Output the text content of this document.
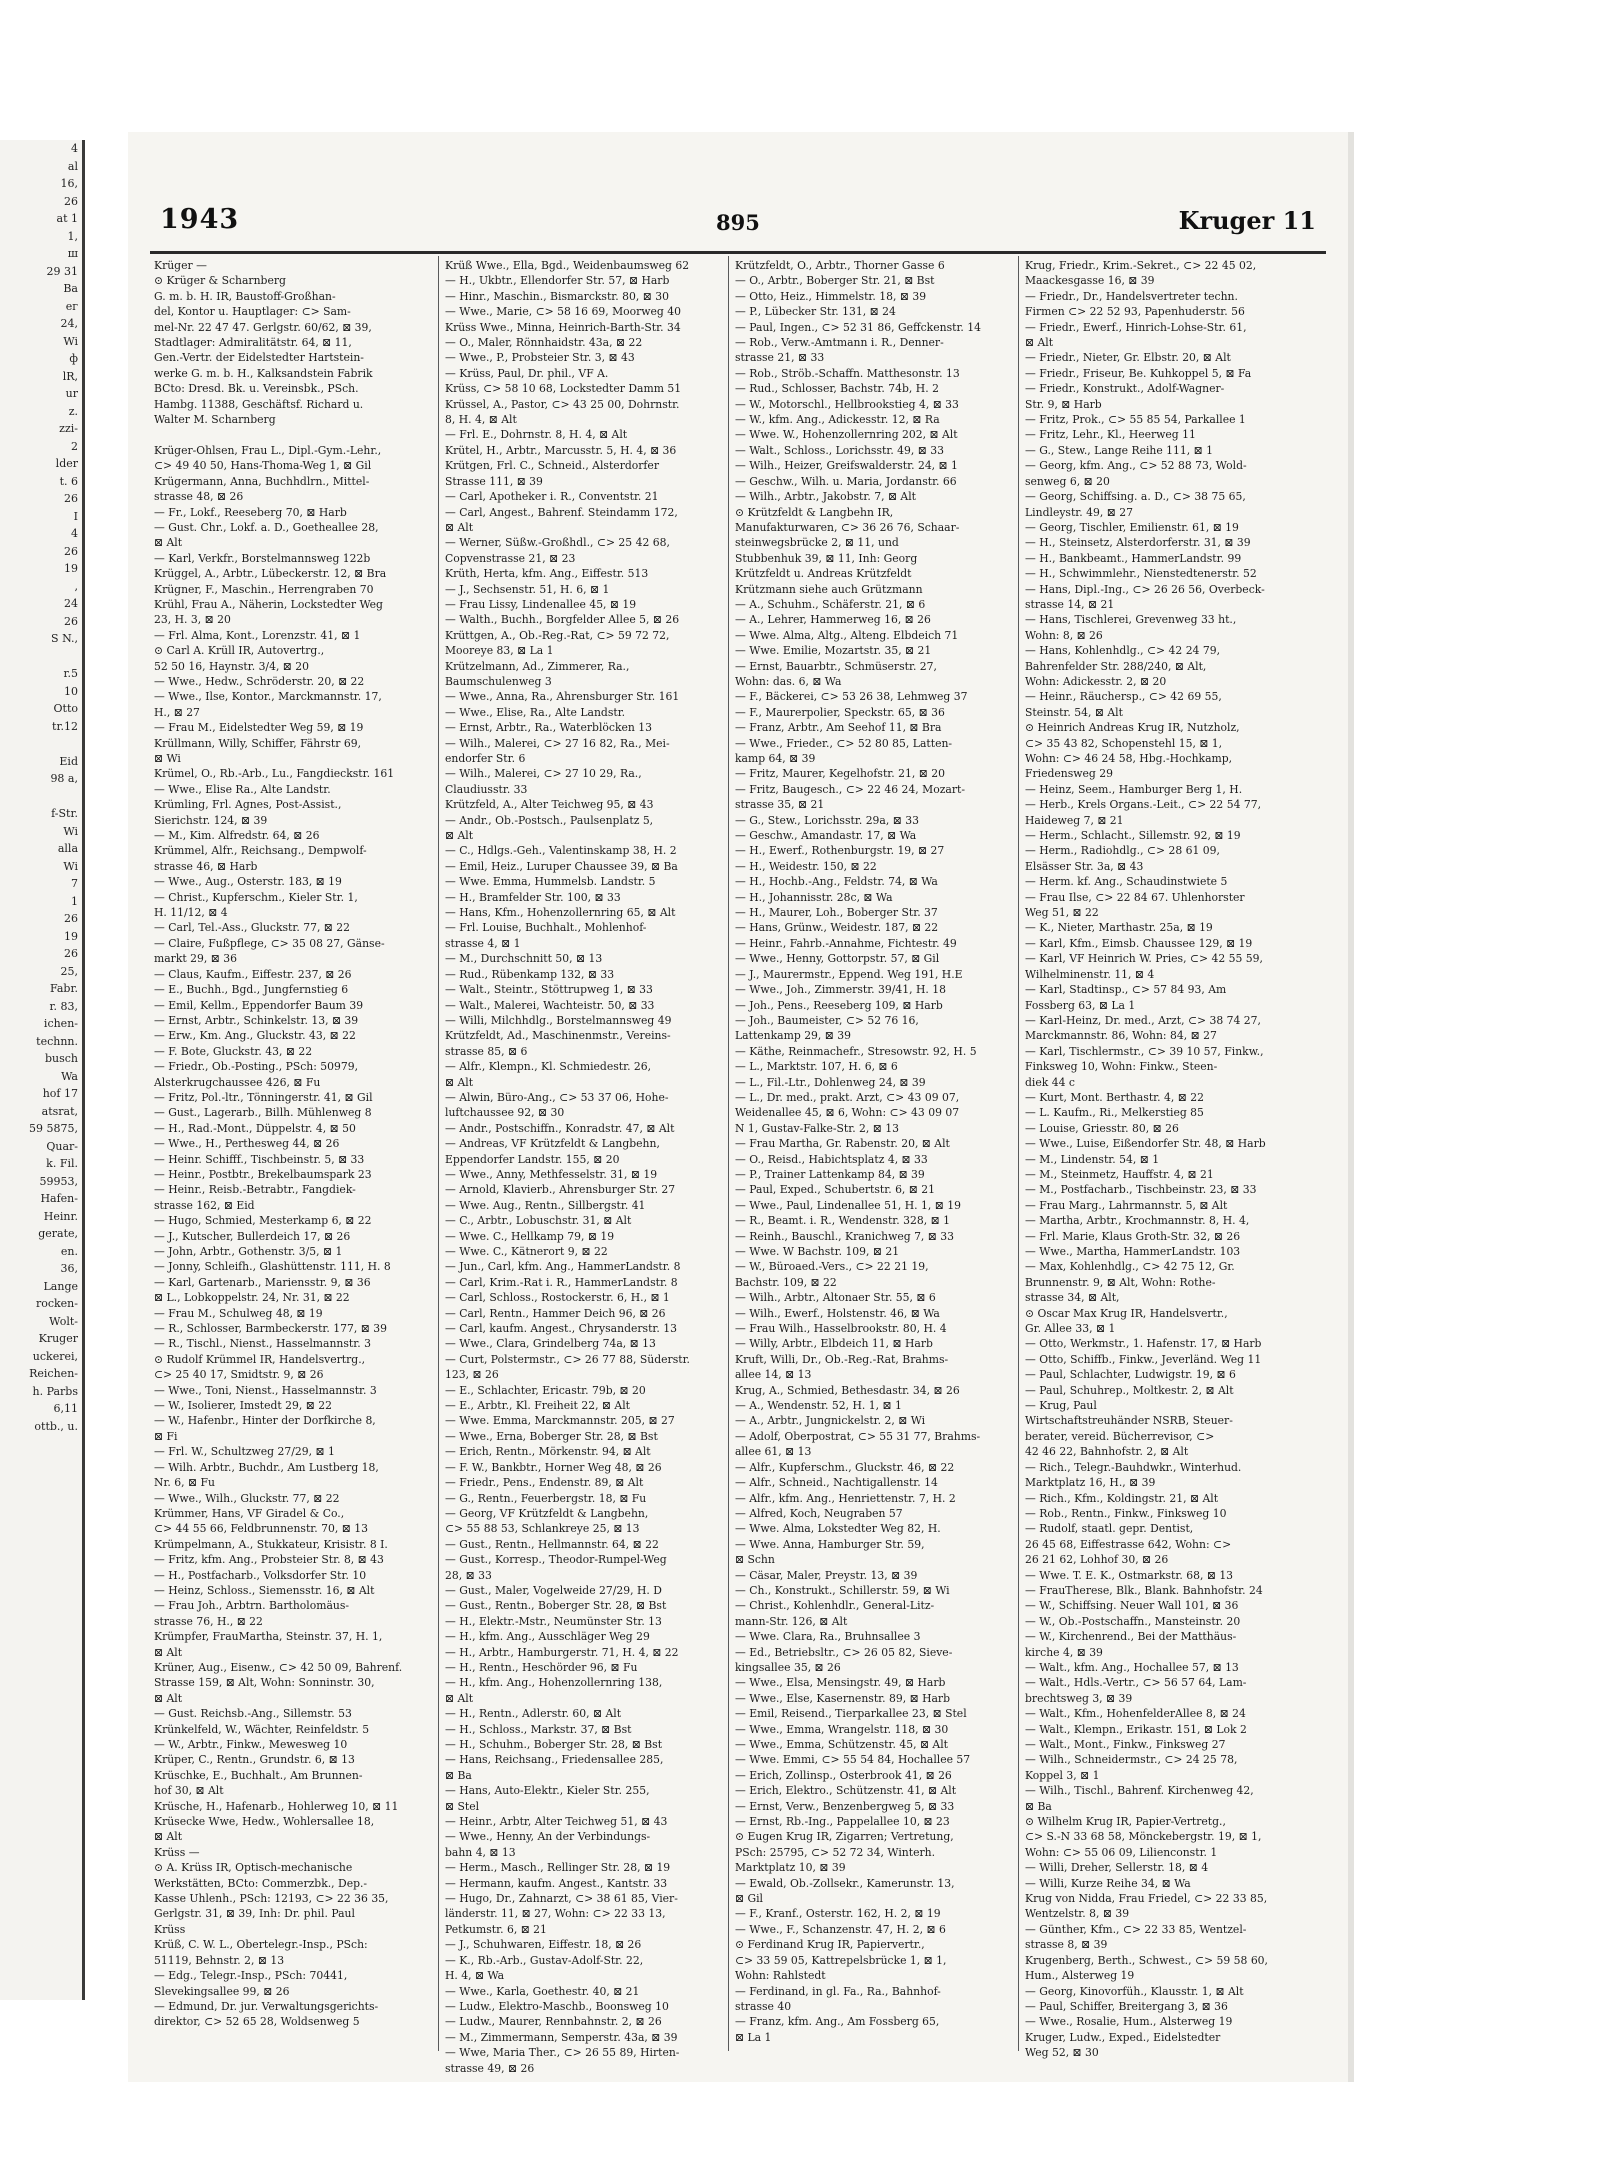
4
al
16,
26
at 1
1,
ш
29 31
Ba
ег
24,
Wi
ф
lR,
ur
z.
zzi-
2
lder
t. 6
26
Ⅰ
4
26
19
,
24
26
S N.,

r.5
10
Otto
tr.12

Eid
98 a,

f-Str.
Wi
alla
Wi
7
1
26
19
26
25,
Fabr.
r. 83,
ichen-
technn.
busch
Wa
hof 17
atsrat,
59 5875,
Quar-
k. Fil.
59953,
Hafen-
Heinr.
gerate,
en.
36,
Lange
rocken-
Wolt-
Kruger
uckerei,
Reichen-
h. Parbs
6,11
ottb., u.
1943	895	Kruger 11
Krüger —
⊙ Krüger & Scharnberg
G. m. b. H. IR, Baustoff-Großhan-
del, Kontor u. Hauptlager: ⊂> Sam-
mel-Nr. 22 47 47. Gerlgstr. 60/62, ⊠ 39,
Stadtlager: Admiralitätstr. 64, ⊠ 11,
Gen.-Vertr. der Eidelstedter Hartstein-
werke G. m. b. H., Kalksandstein Fabrik
BCto: Dresd. Bk. u. Vereinsbk., PSch.
Hambg. 11388, Geschäftsf. Richard u.
Walter M. Scharnberg

Krüger-Ohlsen, Frau L., Dipl.-Gym.-Lehr.,
⊂> 49 40 50, Hans-Thoma-Weg 1, ⊠ Gil
Krügermann, Anna, Buchhdlrn., Mittel-
strasse 48, ⊠ 26
— Fr., Lokf., Reeseberg 70, ⊠ Harb
— Gust. Chr., Lokf. a. D., Goetheallee 28,
⊠ Alt
— Karl, Verkfr., Borstelmannsweg 122b
Krüggel, A., Arbtr., Lübeckerstr. 12, ⊠ Bra
Krügner, F., Maschin., Herrengraben 70
Krühl, Frau A., Näherin, Lockstedter Weg
23, H. 3, ⊠ 20
— Frl. Alma, Kont., Lorenzstr. 41, ⊠ 1
⊙ Carl A. Krüll IR, Autovertrg.,
52 50 16, Haynstr. 3/4, ⊠ 20
— Wwe., Hedw., Schröderstr. 20, ⊠ 22
— Wwe., Ilse, Kontor., Marckmannstr. 17,
H., ⊠ 27
— Frau M., Eidelstedter Weg 59, ⊠ 19
Krüllmann, Willy, Schiffer, Fährstr 69,
⊠ Wi
Krümel, O., Rb.-Arb., Lu., Fangdieckstr. 161
— Wwe., Elise Ra., Alte Landstr.
Krümling, Frl. Agnes, Post-Assist.,
Sierichstr. 124, ⊠ 39
— M., Kim. Alfredstr. 64, ⊠ 26
Krümmel, Alfr., Reichsang., Dempwolf-
strasse 46, ⊠ Harb
— Wwe., Aug., Osterstr. 183, ⊠ 19
— Christ., Kupferschm., Kieler Str. 1,
H. 11/12, ⊠ 4
— Carl, Tel.-Ass., Gluckstr. 77, ⊠ 22
— Claire, Fußpflege, ⊂> 35 08 27, Gänse-
markt 29, ⊠ 36
— Claus, Kaufm., Eiffestr. 237, ⊠ 26
— E., Buchh., Bgd., Jungfernstieg 6
— Emil, Kellm., Eppendorfer Baum 39
— Ernst, Arbtr., Schinkelstr. 13, ⊠ 39
— Erw., Km. Ang., Gluckstr. 43, ⊠ 22
— F. Bote, Gluckstr. 43, ⊠ 22
— Friedr., Ob.-Posting., PSch: 50979,
Alsterkrugchaussee 426, ⊠ Fu
— Fritz, Pol.-ltr., Tönningerstr. 41, ⊠ Gil
— Gust., Lagerarb., Billh. Mühlenweg 8
— H., Rad.-Mont., Düppelstr. 4, ⊠ 50
— Wwe., H., Perthesweg 44, ⊠ 26
— Heinr. Schifff., Tischbeinstr. 5, ⊠ 33
— Heinr., Postbtr., Brekelbaumspark 23
— Heinr., Reisb.-Betrabtr., Fangdiek-
strasse 162, ⊠ Eid
— Hugo, Schmied, Mesterkamp 6, ⊠ 22
— J., Kutscher, Bullerdeich 17, ⊠ 26
— John, Arbtr., Gothenstr. 3/5, ⊠ 1
— Jonny, Schleifh., Glashüttenstr. 111, H. 8
— Karl, Gartenarb., Mariensstr. 9, ⊠ 36
⊠ L., Lobkoppelstr. 24, Nr. 31, ⊠ 22
— Frau M., Schulweg 48, ⊠ 19
— R., Schlosser, Barmbeckerstr. 177, ⊠ 39
— R., Tischl., Nienst., Hasselmannstr. 3
⊙ Rudolf Krümmel IR, Handelsvertrg.,
⊂> 25 40 17, Smidtstr. 9, ⊠ 26
— Wwe., Toni, Nienst., Hasselmannstr. 3
— W., Isolierer, Imstedt 29, ⊠ 22
— W., Hafenbr., Hinter der Dorfkirche 8,
⊠ Fi
— Frl. W., Schultzweg 27/29, ⊠ 1
— Wilh. Arbtr., Buchdr., Am Lustberg 18,
Nr. 6, ⊠ Fu
— Wwe., Wilh., Gluckstr. 77, ⊠ 22
Krümmer, Hans, VF Giradel & Co.,
⊂> 44 55 66, Feldbrunnenstr. 70, ⊠ 13
Krümpelmann, A., Stukkateur, Krisistr. 8 I.
— Fritz, kfm. Ang., Probsteier Str. 8, ⊠ 43
— H., Postfacharb., Volksdorfer Str. 10
— Heinz, Schloss., Siemensstr. 16, ⊠ Alt
— Frau Joh., Arbtrn. Bartholomäus-
strasse 76, H., ⊠ 22
Krümpfer, FrauMartha, Steinstr. 37, H. 1,
⊠ Alt
Krüner, Aug., Eisenw., ⊂> 42 50 09, Bahrenf.
Strasse 159, ⊠ Alt, Wohn: Sonninstr. 30,
⊠ Alt
— Gust. Reichsb.-Ang., Sillemstr. 53
Krünkelfeld, W., Wächter, Reinfeldstr. 5
— W., Arbtr., Finkw., Mewesweg 10
Krüper, C., Rentn., Grundstr. 6, ⊠ 13
Krüschke, E., Buchhalt., Am Brunnen-
hof 30, ⊠ Alt
Krüsche, H., Hafenarb., Hohlerweg 10, ⊠ 11
Krüsecke Wwe, Hedw., Wohlersallee 18,
⊠ Alt
Krüss —
⊙ A. Krüss IR, Optisch-mechanische
Werkstätten, BCto: Commerzbk., Dep.-
Kasse Uhlenh., PSch: 12193, ⊂> 22 36 35,
Gerlgstr. 31, ⊠ 39, Inh: Dr. phil. Paul
Krüss
Krüß, C. W. L., Obertelegr.-Insp., PSch:
51119, Behnstr. 2, ⊠ 13
— Edg., Telegr.-Insp., PSch: 70441,
Slevekingsallee 99, ⊠ 26
— Edmund, Dr. jur. Verwaltungsgerichts-
direktor, ⊂> 52 65 28, Woldsenweg 5
Krüß Wwe., Ella, Bgd., Weidenbaumsweg 62
— H., Ukbtr., Ellendorfer Str. 57, ⊠ Harb
— Hinr., Maschin., Bismarckstr. 80, ⊠ 30
— Wwe., Marie, ⊂> 58 16 69, Moorweg 40
Krüss Wwe., Minna, Heinrich-Barth-Str. 34
— O., Maler, Rönnhaidstr. 43a, ⊠ 22
— Wwe., P., Probsteier Str. 3, ⊠ 43
— Krüss, Paul, Dr. phil., VF A.
Krüss, ⊂> 58 10 68, Lockstedter Damm 51
Krüssel, A., Pastor, ⊂> 43 25 00, Dohrnstr.
8, H. 4, ⊠ Alt
— Frl. E., Dohrnstr. 8, H. 4, ⊠ Alt
Krütel, H., Arbtr., Marcusstr. 5, H. 4, ⊠ 36
Krütgen, Frl. C., Schneid., Alsterdorfer
Strasse 111, ⊠ 39
— Carl, Apotheker i. R., Conventstr. 21
— Carl, Angest., Bahrenf. Steindamm 172,
⊠ Alt
— Werner, Süßw.-Großhdl., ⊂> 25 42 68,
Copvenstrasse 21, ⊠ 23
Krüth, Herta, kfm. Ang., Eiffestr. 513
— J., Sechsenstr. 51, H. 6, ⊠ 1
— Frau Lissy, Lindenallee 45, ⊠ 19
— Walth., Buchh., Borgfelder Allee 5, ⊠ 26
Krüttgen, A., Ob.-Reg.-Rat, ⊂> 59 72 72,
Mooreye 83, ⊠ La 1
Krützelmann, Ad., Zimmerer, Ra.,
Baumschulenweg 3
— Wwe., Anna, Ra., Ahrensburger Str. 161
— Wwe., Elise, Ra., Alte Landstr.
— Ernst, Arbtr., Ra., Waterblöcken 13
— Wilh., Malerei, ⊂> 27 16 82, Ra., Mei-
endorfer Str. 6
— Wilh., Malerei, ⊂> 27 10 29, Ra.,
Claudiusstr. 33
Krützfeld, A., Alter Teichweg 95, ⊠ 43
— Andr., Ob.-Postsch., Paulsenplatz 5,
⊠ Alt
— C., Hdlgs.-Geh., Valentinskamp 38, H. 2
— Emil, Heiz., Luruper Chaussee 39, ⊠ Ba
— Wwe. Emma, Hummelsb. Landstr. 5
— H., Bramfelder Str. 100, ⊠ 33
— Hans, Kfm., Hohenzollernring 65, ⊠ Alt
— Frl. Louise, Buchhalt., Mohlenhof-
strasse 4, ⊠ 1
— M., Durchschnitt 50, ⊠ 13
— Rud., Rübenkamp 132, ⊠ 33
— Walt., Steintr., Stöttrupweg 1, ⊠ 33
— Walt., Malerei, Wachteistr. 50, ⊠ 33
— Willi, Milchhdlg., Borstelmannsweg 49
Krützfeldt, Ad., Maschinenmstr., Vereins-
strasse 85, ⊠ 6
— Alfr., Klempn., Kl. Schmiedestr. 26,
⊠ Alt
— Alwin, Büro-Ang., ⊂> 53 37 06, Hohe-
luftchaussee 92, ⊠ 30
— Andr., Postschiffn., Konradstr. 47, ⊠ Alt
— Andreas, VF Krützfeldt & Langbehn,
Eppendorfer Landstr. 155, ⊠ 20
— Wwe., Anny, Methfesselstr. 31, ⊠ 19
— Arnold, Klavierb., Ahrensburger Str. 27
— Wwe. Aug., Rentn., Sillbergstr. 41
— C., Arbtr., Lobuschstr. 31, ⊠ Alt
— Wwe. C., Hellkamp 79, ⊠ 19
— Wwe. C., Kätnerort 9, ⊠ 22
— Jun., Carl, kfm. Ang., HammerLandstr. 8
— Carl, Krim.-Rat i. R., HammerLandstr. 8
— Carl, Schloss., Rostockerstr. 6, H., ⊠ 1
— Carl, Rentn., Hammer Deich 96, ⊠ 26
— Carl, kaufm. Angest., Chrysanderstr. 13
— Wwe., Clara, Grindelberg 74a, ⊠ 13
— Curt, Polstermstr., ⊂> 26 77 88, Süderstr.
123, ⊠ 26
— E., Schlachter, Ericastr. 79b, ⊠ 20
— E., Arbtr., Kl. Freiheit 22, ⊠ Alt
— Wwe. Emma, Marckmannstr. 205, ⊠ 27
— Wwe., Erna, Boberger Str. 28, ⊠ Bst
— Erich, Rentn., Mörkenstr. 94, ⊠ Alt
— F. W., Bankbtr., Horner Weg 48, ⊠ 26
— Friedr., Pens., Endenstr. 89, ⊠ Alt
— G., Rentn., Feuerbergstr. 18, ⊠ Fu
— Georg, VF Krützfeldt & Langbehn,
⊂> 55 88 53, Schlankreye 25, ⊠ 13
— Gust., Rentn., Hellmannstr. 64, ⊠ 22
— Gust., Korresp., Theodor-Rumpel-Weg
28, ⊠ 33
— Gust., Maler, Vogelweide 27/29, H. D
— Gust., Rentn., Boberger Str. 28, ⊠ Bst
— H., Elektr.-Mstr., Neumünster Str. 13
— H., kfm. Ang., Ausschläger Weg 29
— H., Arbtr., Hamburgerstr. 71, H. 4, ⊠ 22
— H., Rentn., Heschörder 96, ⊠ Fu
— H., kfm. Ang., Hohenzollernring 138,
⊠ Alt
— H., Rentn., Adlerstr. 60, ⊠ Alt
— H., Schloss., Markstr. 37, ⊠ Bst
— H., Schuhm., Boberger Str. 28, ⊠ Bst
— Hans, Reichsang., Friedensallee 285,
⊠ Ba
— Hans, Auto-Elektr., Kieler Str. 255,
⊠ Stel
— Heinr., Arbtr, Alter Teichweg 51, ⊠ 43
— Wwe., Henny, An der Verbindungs-
bahn 4, ⊠ 13
— Herm., Masch., Rellinger Str. 28, ⊠ 19
— Hermann, kaufm. Angest., Kantstr. 33
— Hugo, Dr., Zahnarzt, ⊂> 38 61 85, Vier-
länderstr. 11, ⊠ 27, Wohn: ⊂> 22 33 13,
Petkumstr. 6, ⊠ 21
— J., Schuhwaren, Eiffestr. 18, ⊠ 26
— K., Rb.-Arb., Gustav-Adolf-Str. 22,
H. 4, ⊠ Wa
— Wwe., Karla, Goethestr. 40, ⊠ 21
— Ludw., Elektro-Maschb., Boonsweg 10
— Ludw., Maurer, Rennbahnstr. 2, ⊠ 26
— M., Zimmermann, Semperstr. 43a, ⊠ 39
— Wwe, Maria Ther., ⊂> 26 55 89, Hirten-
strasse 49, ⊠ 26
Krützfeldt, O., Arbtr., Thorner Gasse 6
— O., Arbtr., Boberger Str. 21, ⊠ Bst
— Otto, Heiz., Himmelstr. 18, ⊠ 39
— P., Lübecker Str. 131, ⊠ 24
— Paul, Ingen., ⊂> 52 31 86, Geffckenstr. 14
— Rob., Verw.-Amtmann i. R., Denner-
strasse 21, ⊠ 33
— Rob., Ströb.-Schaffn. Matthesonstr. 13
— Rud., Schlosser, Bachstr. 74b, H. 2
— W., Motorschl., Hellbrookstieg 4, ⊠ 33
— W., kfm. Ang., Adickesstr. 12, ⊠ Ra
— Wwe. W., Hohenzollernring 202, ⊠ Alt
— Walt., Schloss., Lorichsstr. 49, ⊠ 33
— Wilh., Heizer, Greifswalderstr. 24, ⊠ 1
— Geschw., Wilh. u. Maria, Jordanstr. 66
— Wilh., Arbtr., Jakobstr. 7, ⊠ Alt
⊙ Krützfeldt & Langbehn IR,
Manufakturwaren, ⊂> 36 26 76, Schaar-
steinwegsbrücke 2, ⊠ 11, und
Stubbenhuk 39, ⊠ 11, Inh: Georg
Krützfeldt u. Andreas Krützfeldt
Krützmann siehe auch Grützmann
— A., Schuhm., Schäferstr. 21, ⊠ 6
— A., Lehrer, Hammerweg 16, ⊠ 26
— Wwe. Alma, Altg., Alteng. Elbdeich 71
— Wwe. Emilie, Mozartstr. 35, ⊠ 21
— Ernst, Bauarbtr., Schmüserstr. 27,
Wohn: das. 6, ⊠ Wa
— F., Bäckerei, ⊂> 53 26 38, Lehmweg 37
— F., Maurerpolier, Speckstr. 65, ⊠ 36
— Franz, Arbtr., Am Seehof 11, ⊠ Bra
— Wwe., Frieder., ⊂> 52 80 85, Latten-
kamp 64, ⊠ 39
— Fritz, Maurer, Kegelhofstr. 21, ⊠ 20
— Fritz, Baugesch., ⊂> 22 46 24, Mozart-
strasse 35, ⊠ 21
— G., Stew., Lorichsstr. 29a, ⊠ 33
— Geschw., Amandastr. 17, ⊠ Wa
— H., Ewerf., Rothenburgstr. 19, ⊠ 27
— H., Weidestr. 150, ⊠ 22
— H., Hochb.-Ang., Feldstr. 74, ⊠ Wa
— H., Johannisstr. 28c, ⊠ Wa
— H., Maurer, Loh., Boberger Str. 37
— Hans, Grünw., Weidestr. 187, ⊠ 22
— Heinr., Fahrb.-Annahme, Fichtestr. 49
— Wwe., Henny, Gottorpstr. 57, ⊠ Gil
— J., Maurermstr., Eppend. Weg 191, H.E
— Wwe., Joh., Zimmerstr. 39/41, H. 18
— Joh., Pens., Reeseberg 109, ⊠ Harb
— Joh., Baumeister, ⊂> 52 76 16,
Lattenkamp 29, ⊠ 39
— Käthe, Reinmachefr., Stresowstr. 92, H. 5
— L., Marktstr. 107, H. 6, ⊠ 6
— L., Fil.-Ltr., Dohlenweg 24, ⊠ 39
— L., Dr. med., prakt. Arzt, ⊂> 43 09 07,
Weidenallee 45, ⊠ 6, Wohn: ⊂> 43 09 07
N 1, Gustav-Falke-Str. 2, ⊠ 13
— Frau Martha, Gr. Rabenstr. 20, ⊠ Alt
— O., Reisd., Habichtsplatz 4, ⊠ 33
— P., Trainer Lattenkamp 84, ⊠ 39
— Paul, Exped., Schubertstr. 6, ⊠ 21
— Wwe., Paul, Lindenallee 51, H. 1, ⊠ 19
— R., Beamt. i. R., Wendenstr. 328, ⊠ 1
— Reinh., Bauschl., Kranichweg 7, ⊠ 33
— Wwe. W Bachstr. 109, ⊠ 21
— W., Büroaed.-Vers., ⊂> 22 21 19,
Bachstr. 109, ⊠ 22
— Wilh., Arbtr., Altonaer Str. 55, ⊠ 6
— Wilh., Ewerf., Holstenstr. 46, ⊠ Wa
— Frau Wilh., Hasselbrookstr. 80, H. 4
— Willy, Arbtr., Elbdeich 11, ⊠ Harb
Kruft, Willi, Dr., Ob.-Reg.-Rat, Brahms-
allee 14, ⊠ 13
Krug, A., Schmied, Bethesdastr. 34, ⊠ 26
— A., Wendenstr. 52, H. 1, ⊠ 1
— A., Arbtr., Jungnickelstr. 2, ⊠ Wi
— Adolf, Oberpostrat, ⊂> 55 31 77, Brahms-
allee 61, ⊠ 13
— Alfr., Kupferschm., Gluckstr. 46, ⊠ 22
— Alfr., Schneid., Nachtigallenstr. 14
— Alfr., kfm. Ang., Henriettenstr. 7, H. 2
— Alfred, Koch, Neugraben 57
— Wwe. Alma, Lokstedter Weg 82, H.
— Wwe. Anna, Hamburger Str. 59,
⊠ Schn
— Cäsar, Maler, Preystr. 13, ⊠ 39
— Ch., Konstrukt., Schillerstr. 59, ⊠ Wi
— Christ., Kohlenhdlr., General-Litz-
mann-Str. 126, ⊠ Alt
— Wwe. Clara, Ra., Bruhnsallee 3
— Ed., Betriebsltr., ⊂> 26 05 82, Sieve-
kingsallee 35, ⊠ 26
— Wwe., Elsa, Mensingstr. 49, ⊠ Harb
— Wwe., Else, Kasernenstr. 89, ⊠ Harb
— Emil, Reisend., Tierparkallee 23, ⊠ Stel
— Wwe., Emma, Wrangelstr. 118, ⊠ 30
— Wwe., Emma, Schützenstr. 45, ⊠ Alt
— Wwe. Emmi, ⊂> 55 54 84, Hochallee 57
— Erich, Zollinsp., Osterbrook 41, ⊠ 26
— Erich, Elektro., Schützenstr. 41, ⊠ Alt
— Ernst, Verw., Benzenbergweg 5, ⊠ 33
— Ernst, Rb.-Ing., Pappelallee 10, ⊠ 23
⊙ Eugen Krug IR, Zigarren; Vertretung,
PSch: 25795, ⊂> 52 72 34, Winterh.
Marktplatz 10, ⊠ 39
— Ewald, Ob.-Zollsekr., Kamerunstr. 13,
⊠ Gil
— F., Kranf., Osterstr. 162, H. 2, ⊠ 19
— Wwe., F., Schanzenstr. 47, H. 2, ⊠ 6
⊙ Ferdinand Krug IR, Papiervertr.,
⊂> 33 59 05, Kattrepelsbrücke 1, ⊠ 1,
Wohn: Rahlstedt
— Ferdinand, in gl. Fa., Ra., Bahnhof-
strasse 40
— Franz, kfm. Ang., Am Fossberg 65,
⊠ La 1
Krug, Friedr., Krim.-Sekret., ⊂> 22 45 02,
Maackesgasse 16, ⊠ 39
— Friedr., Dr., Handelsvertreter techn.
Firmen ⊂> 22 52 93, Papenhuderstr. 56
— Friedr., Ewerf., Hinrich-Lohse-Str. 61,
⊠ Alt
— Friedr., Nieter, Gr. Elbstr. 20, ⊠ Alt
— Friedr., Friseur, Be. Kuhkoppel 5, ⊠ Fa
— Friedr., Konstrukt., Adolf-Wagner-
Str. 9, ⊠ Harb
— Fritz, Prok., ⊂> 55 85 54, Parkallee 1
— Fritz, Lehr., Kl., Heerweg 11
— G., Stew., Lange Reihe 111, ⊠ 1
— Georg, kfm. Ang., ⊂> 52 88 73, Wold-
senweg 6, ⊠ 20
— Georg, Schiffsing. a. D., ⊂> 38 75 65,
Lindleystr. 49, ⊠ 27
— Georg, Tischler, Emilienstr. 61, ⊠ 19
— H., Steinsetz, Alsterdorferstr. 31, ⊠ 39
— H., Bankbeamt., HammerLandstr. 99
— H., Schwimmlehr., Nienstedtenerstr. 52
— Hans, Dipl.-Ing., ⊂> 26 26 56, Overbeck-
strasse 14, ⊠ 21
— Hans, Tischlerei, Grevenweg 33 ht.,
Wohn: 8, ⊠ 26
— Hans, Kohlenhdlg., ⊂> 42 24 79,
Bahrenfelder Str. 288/240, ⊠ Alt,
Wohn: Adickesstr. 2, ⊠ 20
— Heinr., Räuchersp., ⊂> 42 69 55,
Steinstr. 54, ⊠ Alt
⊙ Heinrich Andreas Krug IR, Nutzholz,
⊂> 35 43 82, Schopenstehl 15, ⊠ 1,
Wohn: ⊂> 46 24 58, Hbg.-Hochkamp,
Friedensweg 29
— Heinz, Seem., Hamburger Berg 1, H.
— Herb., Krels Organs.-Leit., ⊂> 22 54 77,
Haideweg 7, ⊠ 21
— Herm., Schlacht., Sillemstr. 92, ⊠ 19
— Herm., Radiohdlg., ⊂> 28 61 09,
Elsässer Str. 3a, ⊠ 43
— Herm. kf. Ang., Schaudinstwiete 5
— Frau Ilse, ⊂> 22 84 67. Uhlenhorster
Weg 51, ⊠ 22
— K., Nieter, Marthastr. 25a, ⊠ 19
— Karl, Kfm., Eimsb. Chaussee 129, ⊠ 19
— Karl, VF Heinrich W. Pries, ⊂> 42 55 59,
Wilhelminenstr. 11, ⊠ 4
— Karl, Stadtinsp., ⊂> 57 84 93, Am
Fossberg 63, ⊠ La 1
— Karl-Heinz, Dr. med., Arzt, ⊂> 38 74 27,
Marckmannstr. 86, Wohn: 84, ⊠ 27
— Karl, Tischlermstr., ⊂> 39 10 57, Finkw.,
Finksweg 10, Wohn: Finkw., Steen-
diek 44 c
— Kurt, Mont. Berthastr. 4, ⊠ 22
— L. Kaufm., Ri., Melkerstieg 85
— Louise, Griesstr. 80, ⊠ 26
— Wwe., Luise, Eißendorfer Str. 48, ⊠ Harb
— M., Lindenstr. 54, ⊠ 1
— M., Steinmetz, Hauffstr. 4, ⊠ 21
— M., Postfacharb., Tischbeinstr. 23, ⊠ 33
— Frau Marg., Lahrmannstr. 5, ⊠ Alt
— Martha, Arbtr., Krochmannstr. 8, H. 4,
— Frl. Marie, Klaus Groth-Str. 32, ⊠ 26
— Wwe., Martha, HammerLandstr. 103
— Max, Kohlenhdlg., ⊂> 42 75 12, Gr.
Brunnenstr. 9, ⊠ Alt, Wohn: Rothe-
strasse 34, ⊠ Alt,
⊙ Oscar Max Krug IR, Handelsvertr.,
Gr. Allee 33, ⊠ 1
— Otto, Werkmstr., 1. Hafenstr. 17, ⊠ Harb
— Otto, Schiffb., Finkw., Jeverländ. Weg 11
— Paul, Schlachter, Ludwigstr. 19, ⊠ 6
— Paul, Schuhrep., Moltkestr. 2, ⊠ Alt
— Krug, Paul
Wirtschaftstreuhänder NSRB, Steuer-
berater, vereid. Bücherrevisor, ⊂>
42 46 22, Bahnhofstr. 2, ⊠ Alt
— Rich., Telegr.-Bauhdwkr., Winterhud.
Marktplatz 16, H., ⊠ 39
— Rich., Kfm., Koldingstr. 21, ⊠ Alt
— Rob., Rentn., Finkw., Finksweg 10
— Rudolf, staatl. gepr. Dentist,
26 45 68, Eiffestrasse 642, Wohn: ⊂>
26 21 62, Lohhof 30, ⊠ 26
— Wwe. T. E. K., Ostmarkstr. 68, ⊠ 13
— FrauTherese, Blk., Blank. Bahnhofstr. 24
— W., Schiffsing. Neuer Wall 101, ⊠ 36
— W., Ob.-Postschaffn., Mansteinstr. 20
— W., Kirchenrend., Bei der Matthäus-
kirche 4, ⊠ 39
— Walt., kfm. Ang., Hochallee 57, ⊠ 13
— Walt., Hdls.-Vertr., ⊂> 56 57 64, Lam-
brechtsweg 3, ⊠ 39
— Walt., Kfm., HohenfelderAllee 8, ⊠ 24
— Walt., Klempn., Erikastr. 151, ⊠ Lok 2
— Walt., Mont., Finkw., Finksweg 27
— Wilh., Schneidermstr., ⊂> 24 25 78,
Koppel 3, ⊠ 1
— Wilh., Tischl., Bahrenf. Kirchenweg 42,
⊠ Ba
⊙ Wilhelm Krug IR, Papier-Vertretg.,
⊂> S.-N 33 68 58, Mönckebergstr. 19, ⊠ 1,
Wohn: ⊂> 55 06 09, Lilienconstr. 1
— Willi, Dreher, Sellerstr. 18, ⊠ 4
— Willi, Kurze Reihe 34, ⊠ Wa
Krug von Nidda, Frau Friedel, ⊂> 22 33 85,
Wentzelstr. 8, ⊠ 39
— Günther, Kfm., ⊂> 22 33 85, Wentzel-
strasse 8, ⊠ 39
Krugenberg, Berth., Schwest., ⊂> 59 58 60,
Hum., Alsterweg 19
— Georg, Kinovorfüh., Klausstr. 1, ⊠ Alt
— Paul, Schiffer, Breitergang 3, ⊠ 36
— Wwe., Rosalie, Hum., Alsterweg 19
Kruger, Ludw., Exped., Eidelstedter
Weg 52, ⊠ 30
